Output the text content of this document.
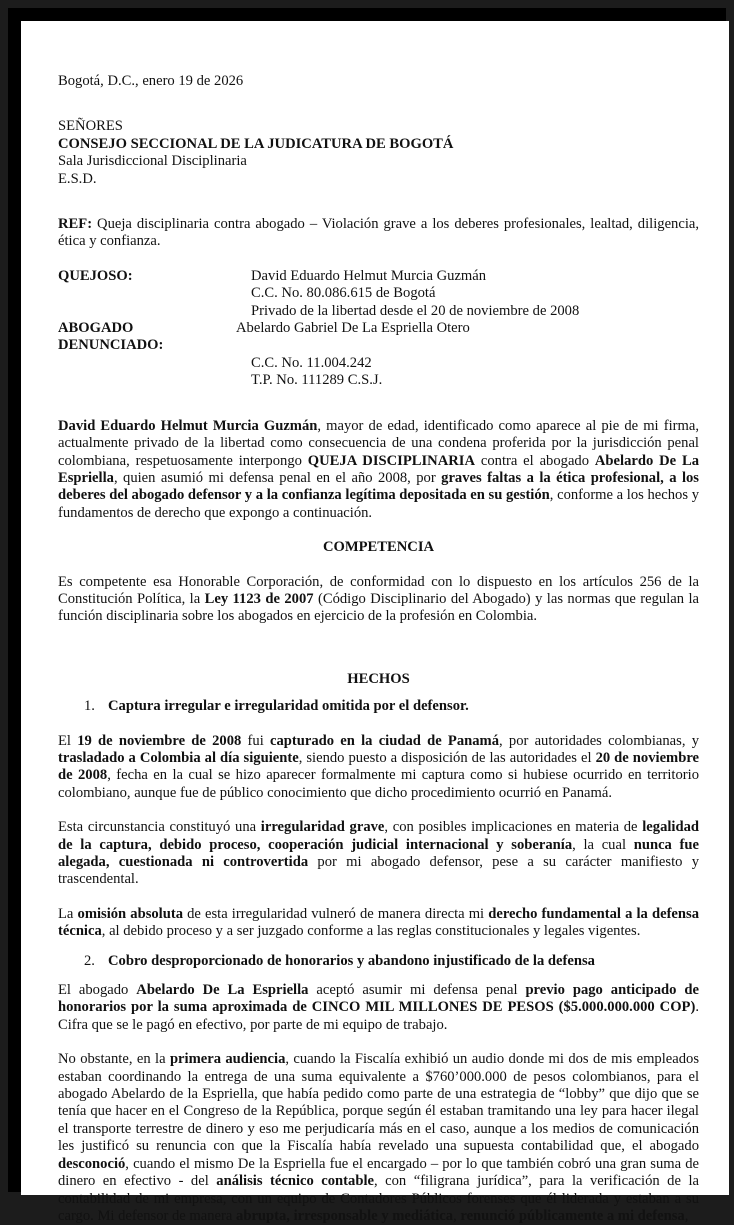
Bogotá, D.C., enero 19 de 2026

SEÑORES

CONSEJO SECCIONAL DE LA JUDICATURA DE BOGOTÁ

Sala Jurisdiccional Disciplinaria

E.S.D.

REF: Queja disciplinaria contra abogado – Violación grave a los deberes profesionales, lealtad, diligencia, ética y confianza.

QUEJOSO:	David Eduardo Helmut Murcia Guzmán
C.C. No. 80.086.615 de Bogotá
Privado de la libertad desde el 20 de noviembre de 2008
ABOGADO DENUNCIADO:
Abelardo Gabriel De La Espriella Otero
C.C. No. 11.004.242
T.P. No. 111289 C.S.J.

David Eduardo Helmut Murcia Guzmán, mayor de edad, identificado como aparece al pie de mi firma, actualmente privado de la libertad como consecuencia de una condena proferida por la jurisdicción penal colombiana, respetuosamente interpongo QUEJA DISCIPLINARIA contra el abogado Abelardo De La Espriella, quien asumió mi defensa penal en el año 2008, por graves faltas a la ética profesional, a los deberes del abogado defensor y a la confianza legítima depositada en su gestión, conforme a los hechos y fundamentos de derecho que expongo a continuación.

COMPETENCIA

Es competente esa Honorable Corporación, de conformidad con lo dispuesto en los artículos 256 de la Constitución Política, la Ley 1123 de 2007 (Código Disciplinario del Abogado) y las normas que regulan la función disciplinaria sobre los abogados en ejercicio de la profesión en Colombia.

HECHOS

1. Captura irregular e irregularidad omitida por el defensor.

El 19 de noviembre de 2008 fui capturado en la ciudad de Panamá, por autoridades colombianas, y trasladado a Colombia al día siguiente, siendo puesto a disposición de las autoridades el 20 de noviembre de 2008, fecha en la cual se hizo aparecer formalmente mi captura como si hubiese ocurrido en territorio colombiano, aunque fue de público conocimiento que dicho procedimiento ocurrió en Panamá.

Esta circunstancia constituyó una irregularidad grave, con posibles implicaciones en materia de legalidad de la captura, debido proceso, cooperación judicial internacional y soberanía, la cual nunca fue alegada, cuestionada ni controvertida por mi abogado defensor, pese a su carácter manifiesto y trascendental.

La omisión absoluta de esta irregularidad vulneró de manera directa mi derecho fundamental a la defensa técnica, al debido proceso y a ser juzgado conforme a las reglas constitucionales y legales vigentes.

2. Cobro desproporcionado de honorarios y abandono injustificado de la defensa

El abogado Abelardo De La Espriella aceptó asumir mi defensa penal previo pago anticipado de honorarios por la suma aproximada de CINCO MIL MILLONES DE PESOS ($5.000.000.000 COP). Cifra que se le pagó en efectivo, por parte de mi equipo de trabajo.

No obstante, en la primera audiencia, cuando la Fiscalía exhibió un audio donde mi dos de mis empleados estaban coordinando la entrega de una suma equivalente a $760’000.000 de pesos colombianos, para el abogado Abelardo de la Espriella, que había pedido como parte de una estrategia de “lobby” que dijo que se tenía que hacer en el Congreso de la República, porque según él estaban tramitando una ley para hacer ilegal el transporte terrestre de dinero y eso me perjudicaría más en el caso, aunque a los medios de comunicación les justificó su renuncia con que la Fiscalía había revelado una supuesta contabilidad que, el abogado desconoció, cuando el mismo De la Espriella fue el encargado – por lo que también cobró una gran suma de dinero en efectivo - del análisis técnico contable, con “filigrana jurídica”, para la verificación de la contabilidad de mi empresa, con un equipo de Contadores Públicos forenses que él liderada y estaban a su cargo. Mi defensor de manera abrupta, irresponsable y mediática, renunció públicamente a mi defensa,
